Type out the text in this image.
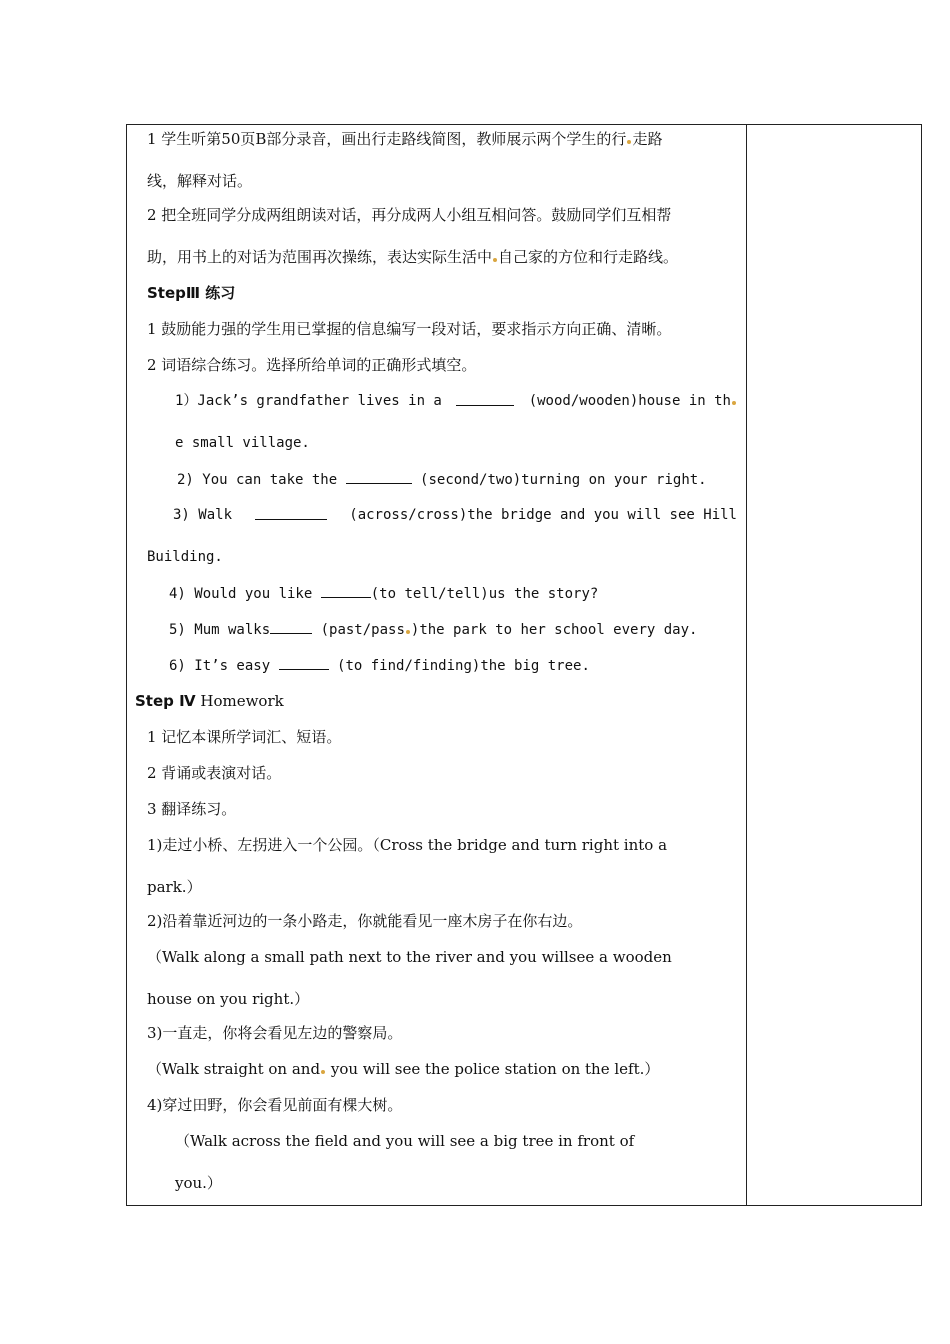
1 学生听第50页B部分录音，画出行走路线简图，教师展示两个学生的行 走路
线，解释对话。
2 把全班同学分成两组朗读对话，再分成两人小组互相问答。鼓励同学们互相帮
助，用书上的对话为范围再次操练，表达实际生活中 自己家的方位和行走路线。
StepⅢ 练习
1 鼓励能力强的学生用已掌握的信息编写一段对话，要求指示方向正确、清晰。
2 词语综合练习。选择所给单词的正确形式填空。
1）Jack’s grandfather lives in a	(wood/wooden)house in th
e small village.
2) You can take the	(second/two)turning on your right.
3) Walk	(across/cross)the bridge and you will see Hill
Building.
4) Would you like	(to tell/tell)us the story?
5) Mum walks	(past/pass )the park to her school every day.
6) It’s easy	(to find/finding)the big tree.
Step Ⅳ Homework
1 记忆本课所学词汇、短语。
2 背诵或表演对话。
3 翻译练习。
1)走过小桥、左拐进入一个公园。（Cross the bridge and turn right into a
park.）
2)沿着靠近河边的一条小路走，你就能看见一座木房子在你右边。
（Walk along a small path next to the river and you willsee a wooden
house on you right.）
3)一直走，你将会看见左边的警察局。
（Walk straight on and you will see the police station on the left.）
4)穿过田野，你会看见前面有棵大树。
（Walk across the field and you will see a big tree in front of
you.）
